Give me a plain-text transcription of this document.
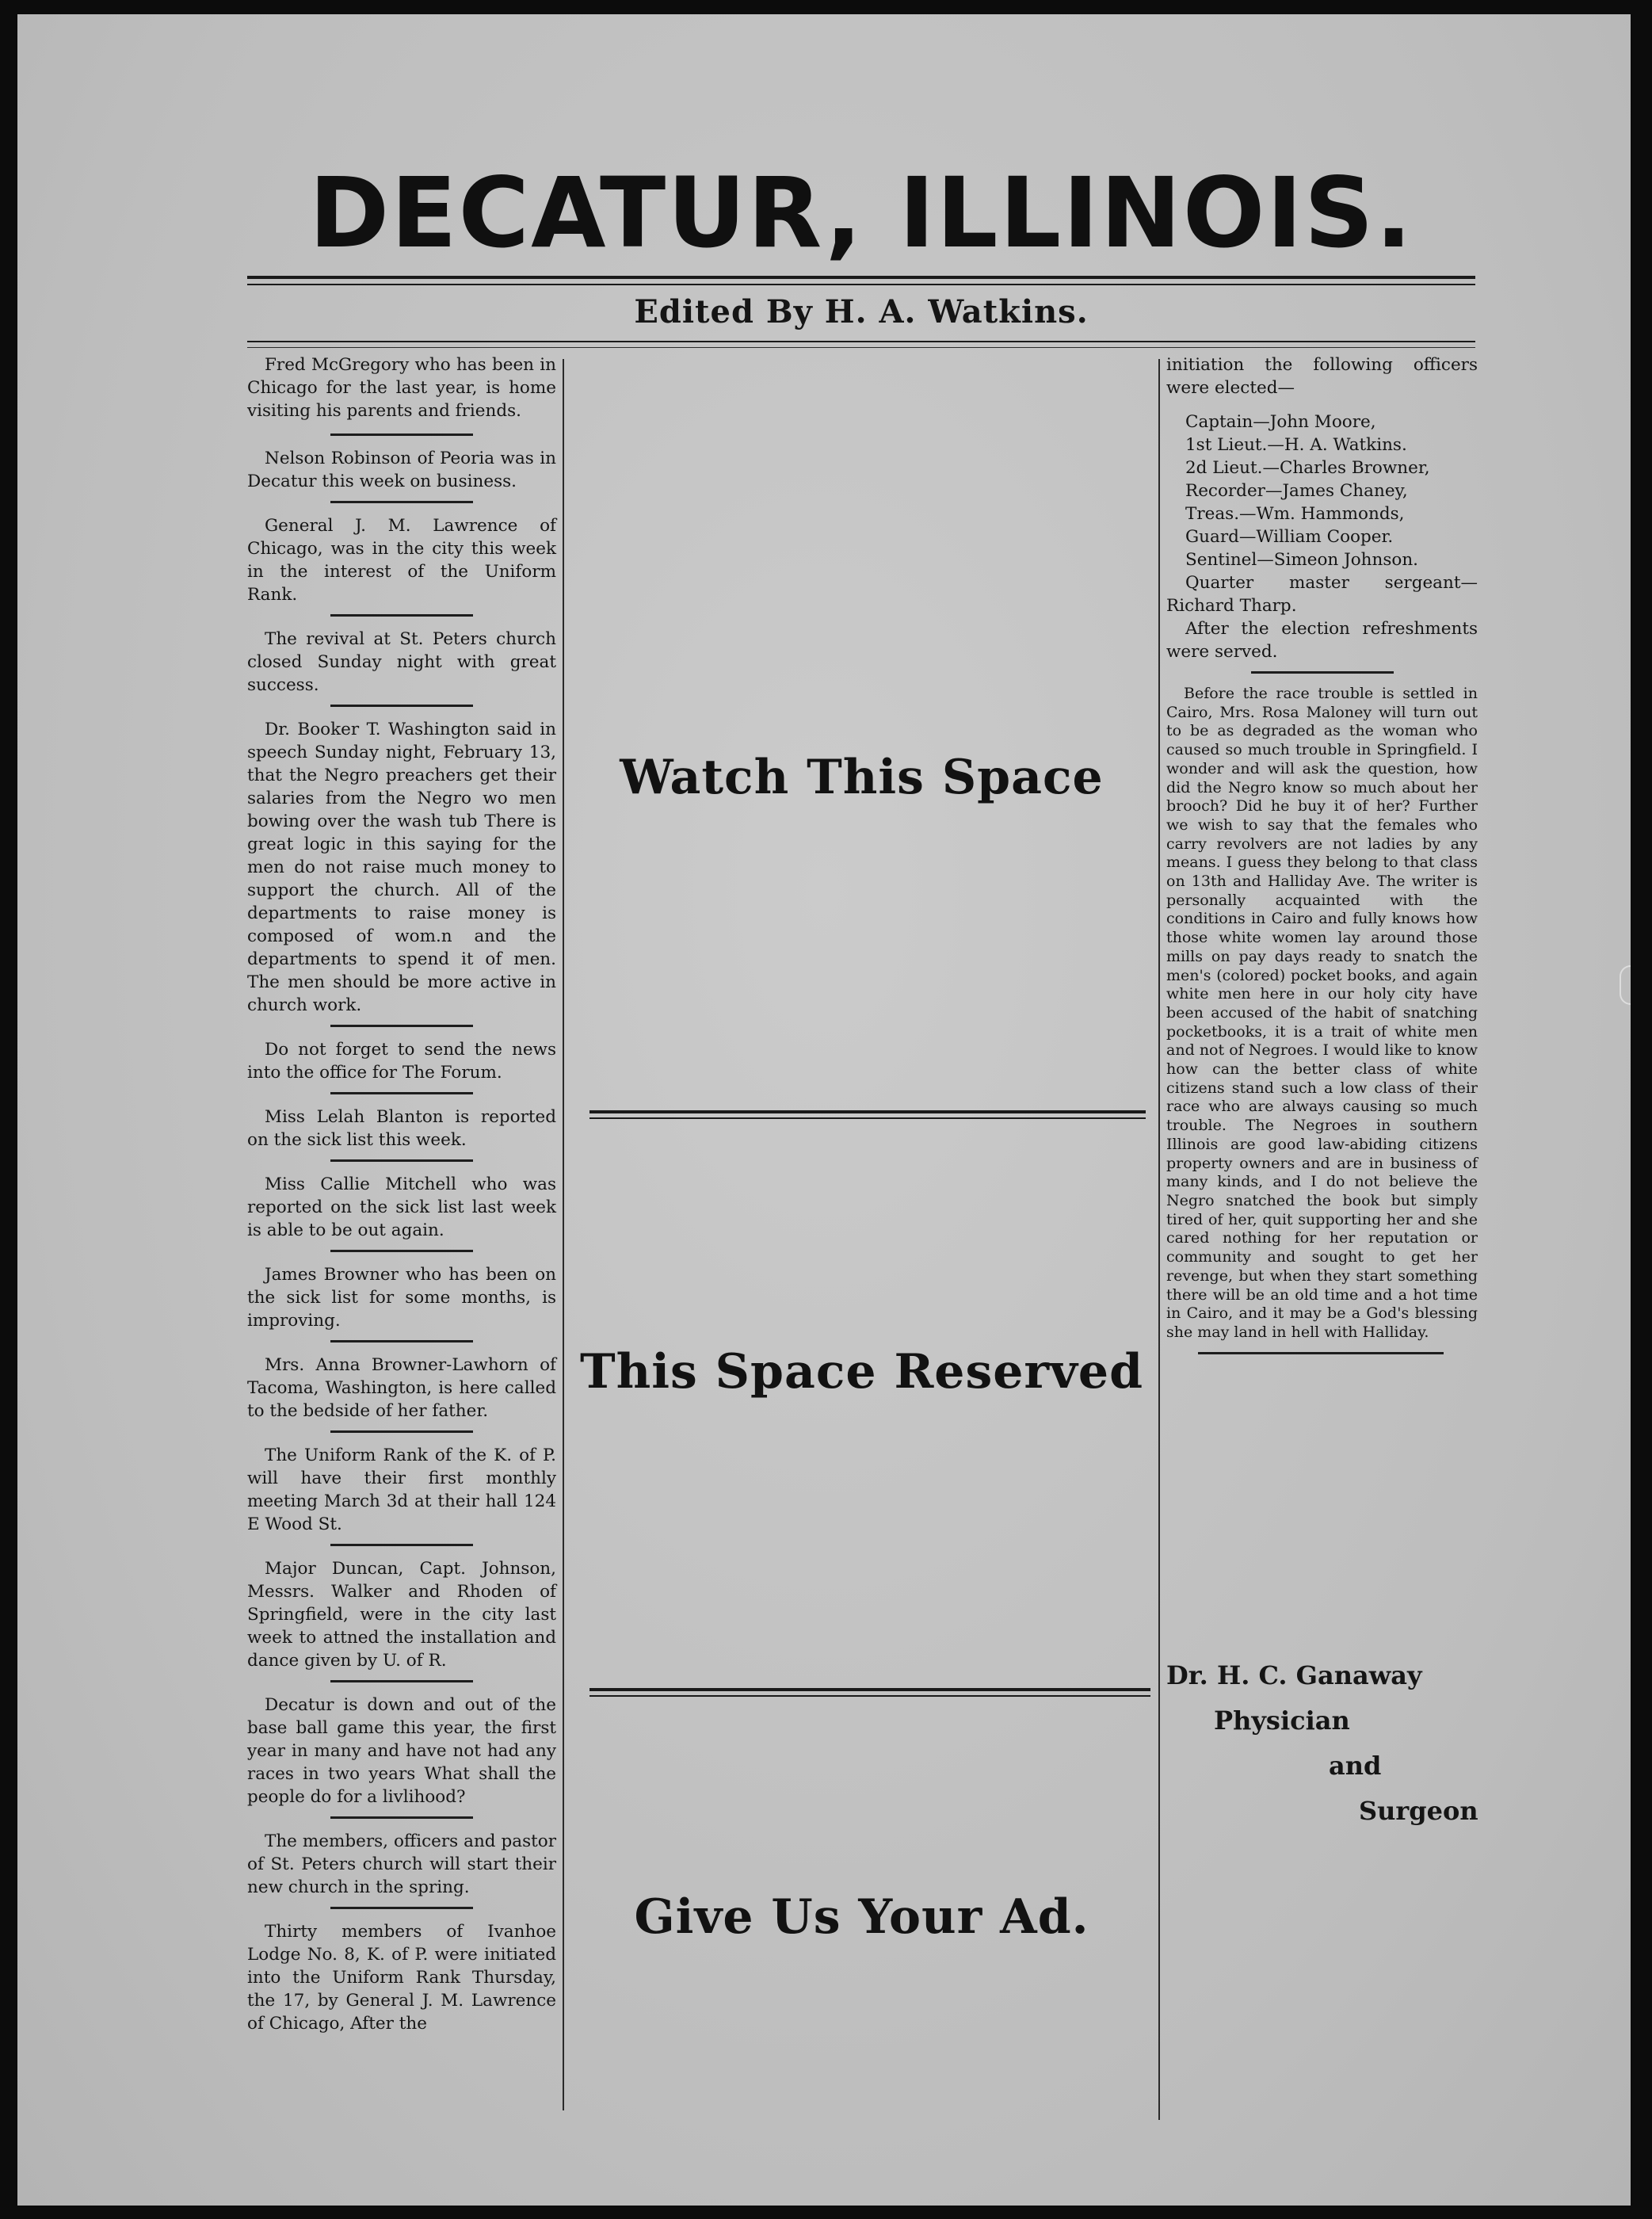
DECATUR, ILLINOIS.
Edited By H. A. Watkins.

Fred McGregory who has been in Chicago for the last year, is home visiting his parents and friends.

Nelson Robinson of Peoria was in Decatur this week on business.

General J. M. Lawrence of Chicago, was in the city this week in the interest of the Uniform Rank.

The revival at St. Peters church closed Sunday night with great success.

Dr. Booker T. Washington said in speech Sunday night, February 13, that the Negro preachers get their salaries from the Negro wo men bowing over the wash tub There is great logic in this saying for the men do not raise much money to support the church. All of the departments to raise money is composed of wom.n and the departments to spend it of men. The men should be more active in church work.

Do not forget to send the news into the office for The Forum.

Miss Lelah Blanton is reported on the sick list this week.

Miss Callie Mitchell who was reported on the sick list last week is able to be out again.

James Browner who has been on the sick list for some months, is improving.

Mrs. Anna Browner-Lawhorn of Tacoma, Washington, is here called to the bedside of her father.

The Uniform Rank of the K. of P. will have their first monthly meeting March 3d at their hall 124 E Wood St.

Major Duncan, Capt. Johnson, Messrs. Walker and Rhoden of Springfield, were in the city last week to attned the installation and dance given by U. of R.

Decatur is down and out of the base ball game this year, the first year in many and have not had any races in two years What shall the people do for a livlihood?

The members, officers and pastor of St. Peters church will start their new church in the spring.

Thirty members of Ivanhoe Lodge No. 8, K. of P. were initiated into the Uniform Rank Thursday, the 17, by General J. M. Lawrence of Chicago, After the

Watch This Space
This Space Reserved
Give Us Your Ad.

initiation the following officers were elected—

Captain—John Moore,
1st Lieut.—H. A. Watkins.
2d Lieut.—Charles Browner,
Recorder—James Chaney,
Treas.—Wm. Hammonds,
Guard—William Cooper.
Sentinel—Simeon Johnson.

Quarter master sergeant—Richard Tharp.

After the election refreshments were served.

Before the race trouble is settled in Cairo, Mrs. Rosa Maloney will turn out to be as degraded as the woman who caused so much trouble in Springfield. I wonder and will ask the question, how did the Negro know so much about her brooch? Did he buy it of her? Further we wish to say that the females who carry revolvers are not ladies by any means. I guess they belong to that class on 13th and Halliday Ave. The writer is personally acquainted with the conditions in Cairo and fully knows how those white women lay around those mills on pay days ready to snatch the men's (colored) pocket books, and again white men here in our holy city have been accused of the habit of snatching pocketbooks, it is a trait of white men and not of Negroes. I would like to know how can the better class of white citizens stand such a low class of their race who are always causing so much trouble. The Negroes in southern Illinois are good law-abiding citizens property owners and are in business of many kinds, and I do not believe the Negro snatched the book but simply tired of her, quit supporting her and she cared nothing for her reputation or community and sought to get her revenge, but when they start something there will be an old time and a hot time in Cairo, and it may be a God's blessing she may land in hell with Halliday.

Dr. H. C. Ganaway
Physician
and
Surgeon
